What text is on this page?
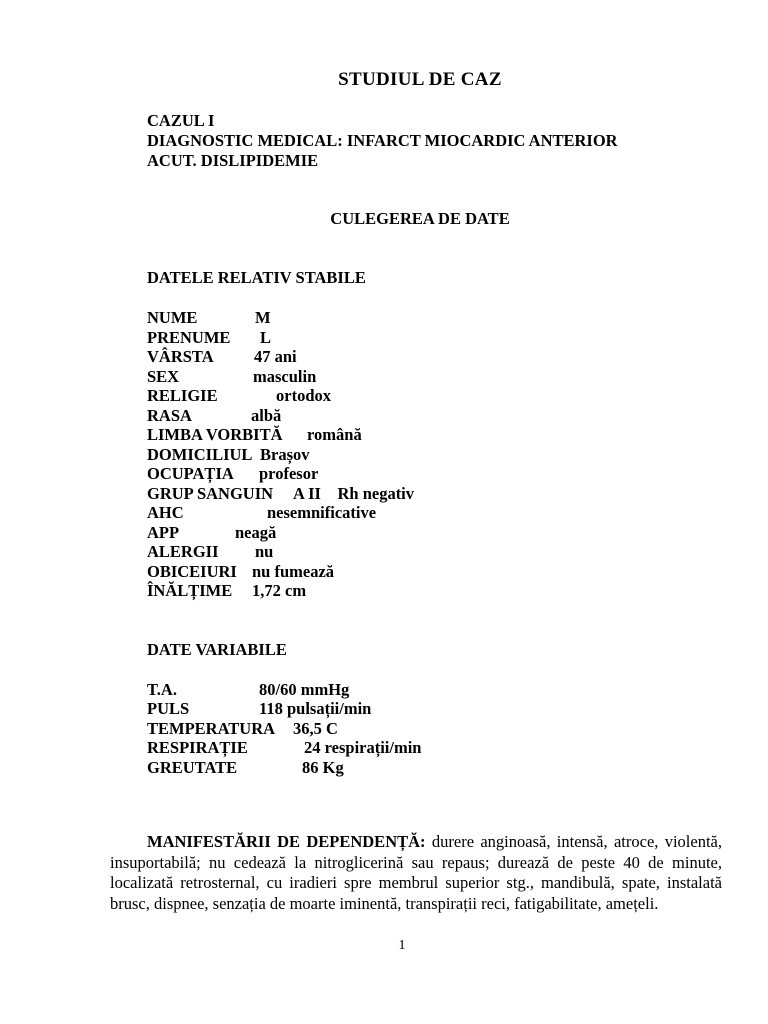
STUDIUL DE CAZ
CAZUL I
DIAGNOSTIC MEDICAL: INFARCT MIOCARDIC ANTERIOR
ACUT. DISLIPIDEMIE
CULEGEREA DE DATE
DATELE RELATIV STABILE
NUME	M
PRENUME L
VÂRSTA 47 ani
SEX	masculin
RELIGIE	ortodox
RASA	albă
LIMBA VORBITĂ română
DOMICILIUL Brașov
OCUPAȚIA profesor
GRUP SANGUIN A II    Rh negativ
AHC	nesemnificative
APP	neagă
ALERGII nu
OBICEIURI nu fumează
ÎNĂLȚIME 1,72 cm
DATE VARIABILE
T.A.	80/60 mmHg
PULS	118 pulsații/min
TEMPERATURA 36,5 C
RESPIRAȚIE	24 respirații/min
GREUTATE	86 Kg
MANIFESTĂRII DE DEPENDENȚĂ: durere anginoasă, intensă, atroce, violentă, insuportabilă; nu cedează la nitroglicerină sau repaus; durează de peste 40 de minute, localizată retrosternal, cu iradieri spre membrul superior stg., mandibulă, spate, instalată brusc, dispnee, senzația de moarte iminentă, transpirații reci, fatigabilitate, amețeli.
1
